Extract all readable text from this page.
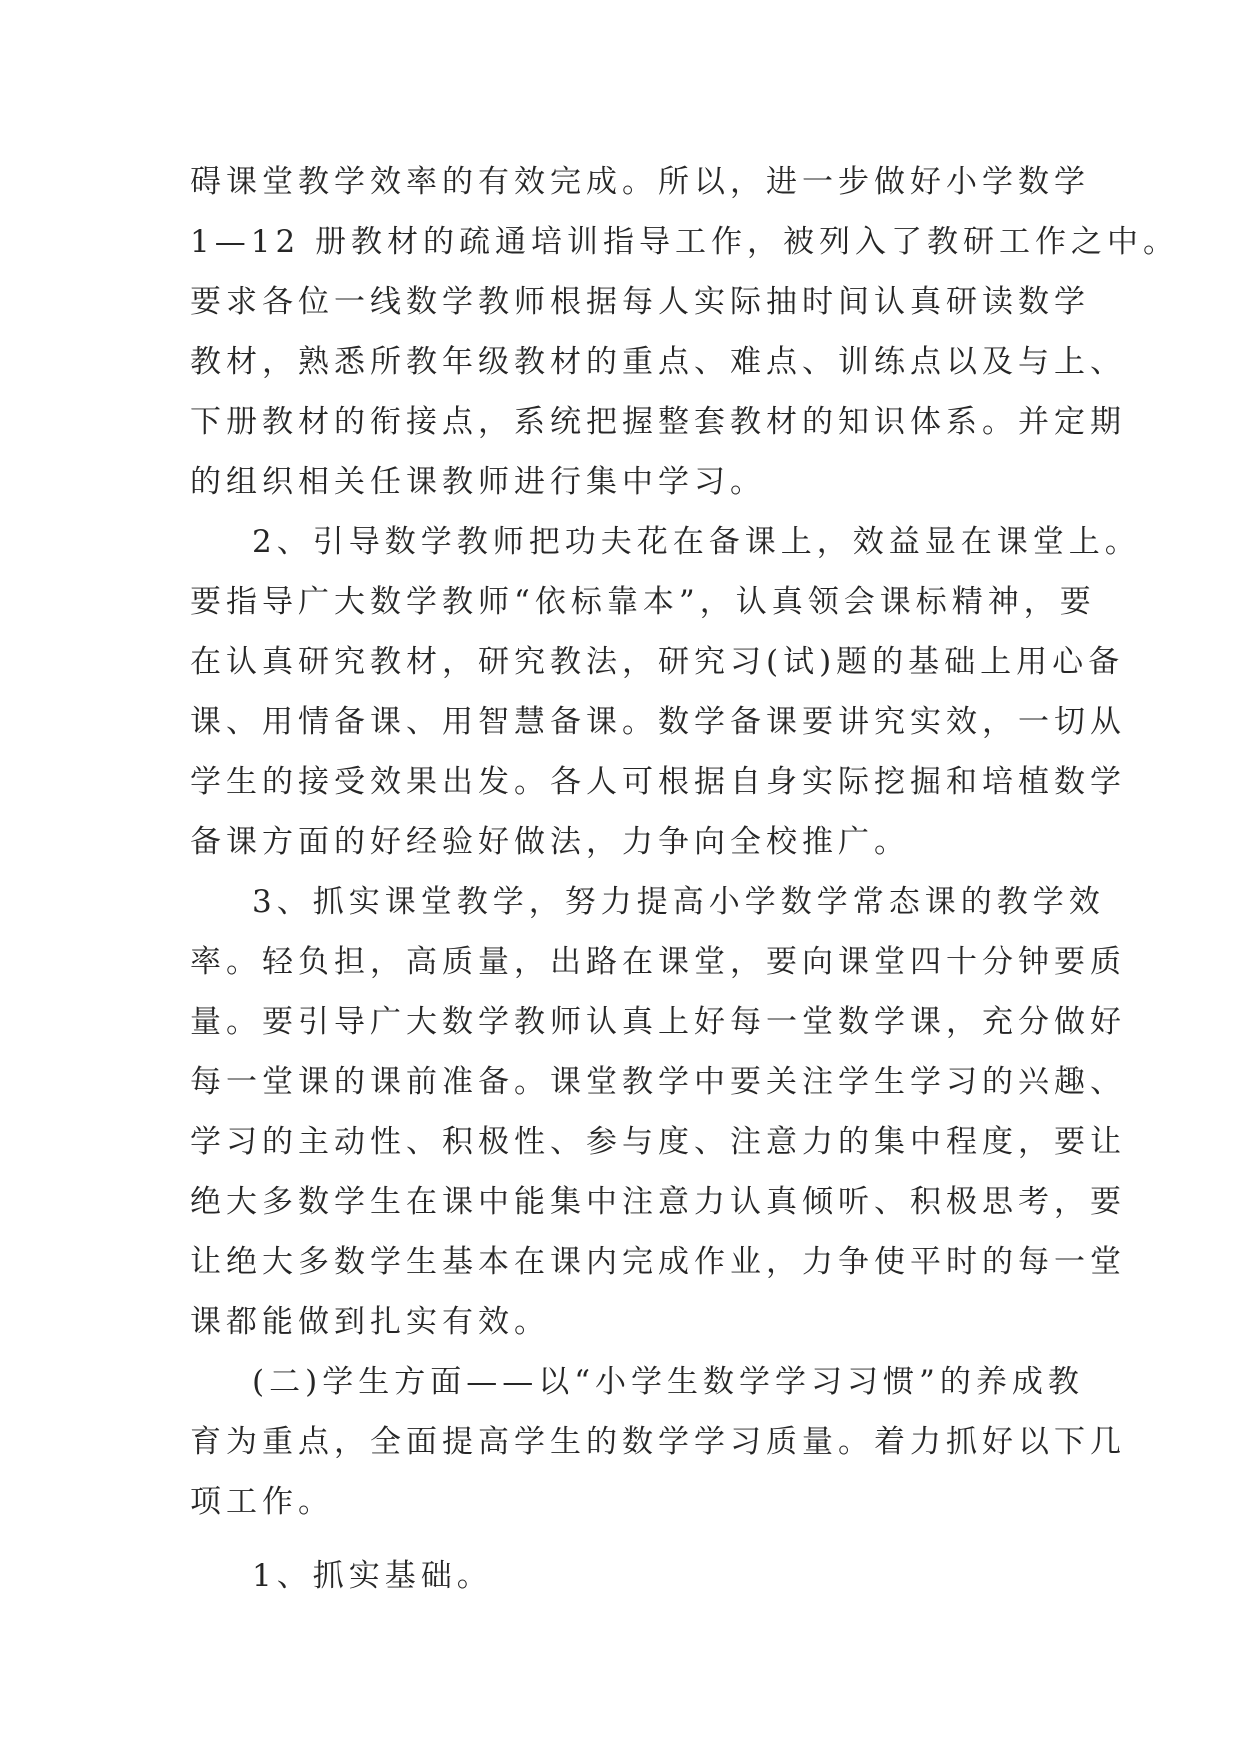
碍课堂教学效率的有效完成。所以，进一步做好小学数学
1—12 册教材的疏通培训指导工作，被列入了教研工作之中。
要求各位一线数学教师根据每人实际抽时间认真研读数学
教材，熟悉所教年级教材的重点、难点、训练点以及与上、
下册教材的衔接点，系统把握整套教材的知识体系。并定期
的组织相关任课教师进行集中学习。
2、引导数学教师把功夫花在备课上，效益显在课堂上。
要指导广大数学教师“依标靠本”，认真领会课标精神，要
在认真研究教材，研究教法，研究习(试)题的基础上用心备
课、用情备课、用智慧备课。数学备课要讲究实效，一切从
学生的接受效果出发。各人可根据自身实际挖掘和培植数学
备课方面的好经验好做法，力争向全校推广。
3、抓实课堂教学，努力提高小学数学常态课的教学效
率。轻负担，高质量，出路在课堂，要向课堂四十分钟要质
量。要引导广大数学教师认真上好每一堂数学课，充分做好
每一堂课的课前准备。课堂教学中要关注学生学习的兴趣、
学习的主动性、积极性、参与度、注意力的集中程度，要让
绝大多数学生在课中能集中注意力认真倾听、积极思考，要
让绝大多数学生基本在课内完成作业，力争使平时的每一堂
课都能做到扎实有效。
(二)学生方面——以“小学生数学学习习惯”的养成教
育为重点，全面提高学生的数学学习质量。着力抓好以下几
项工作。
1、抓实基础。
